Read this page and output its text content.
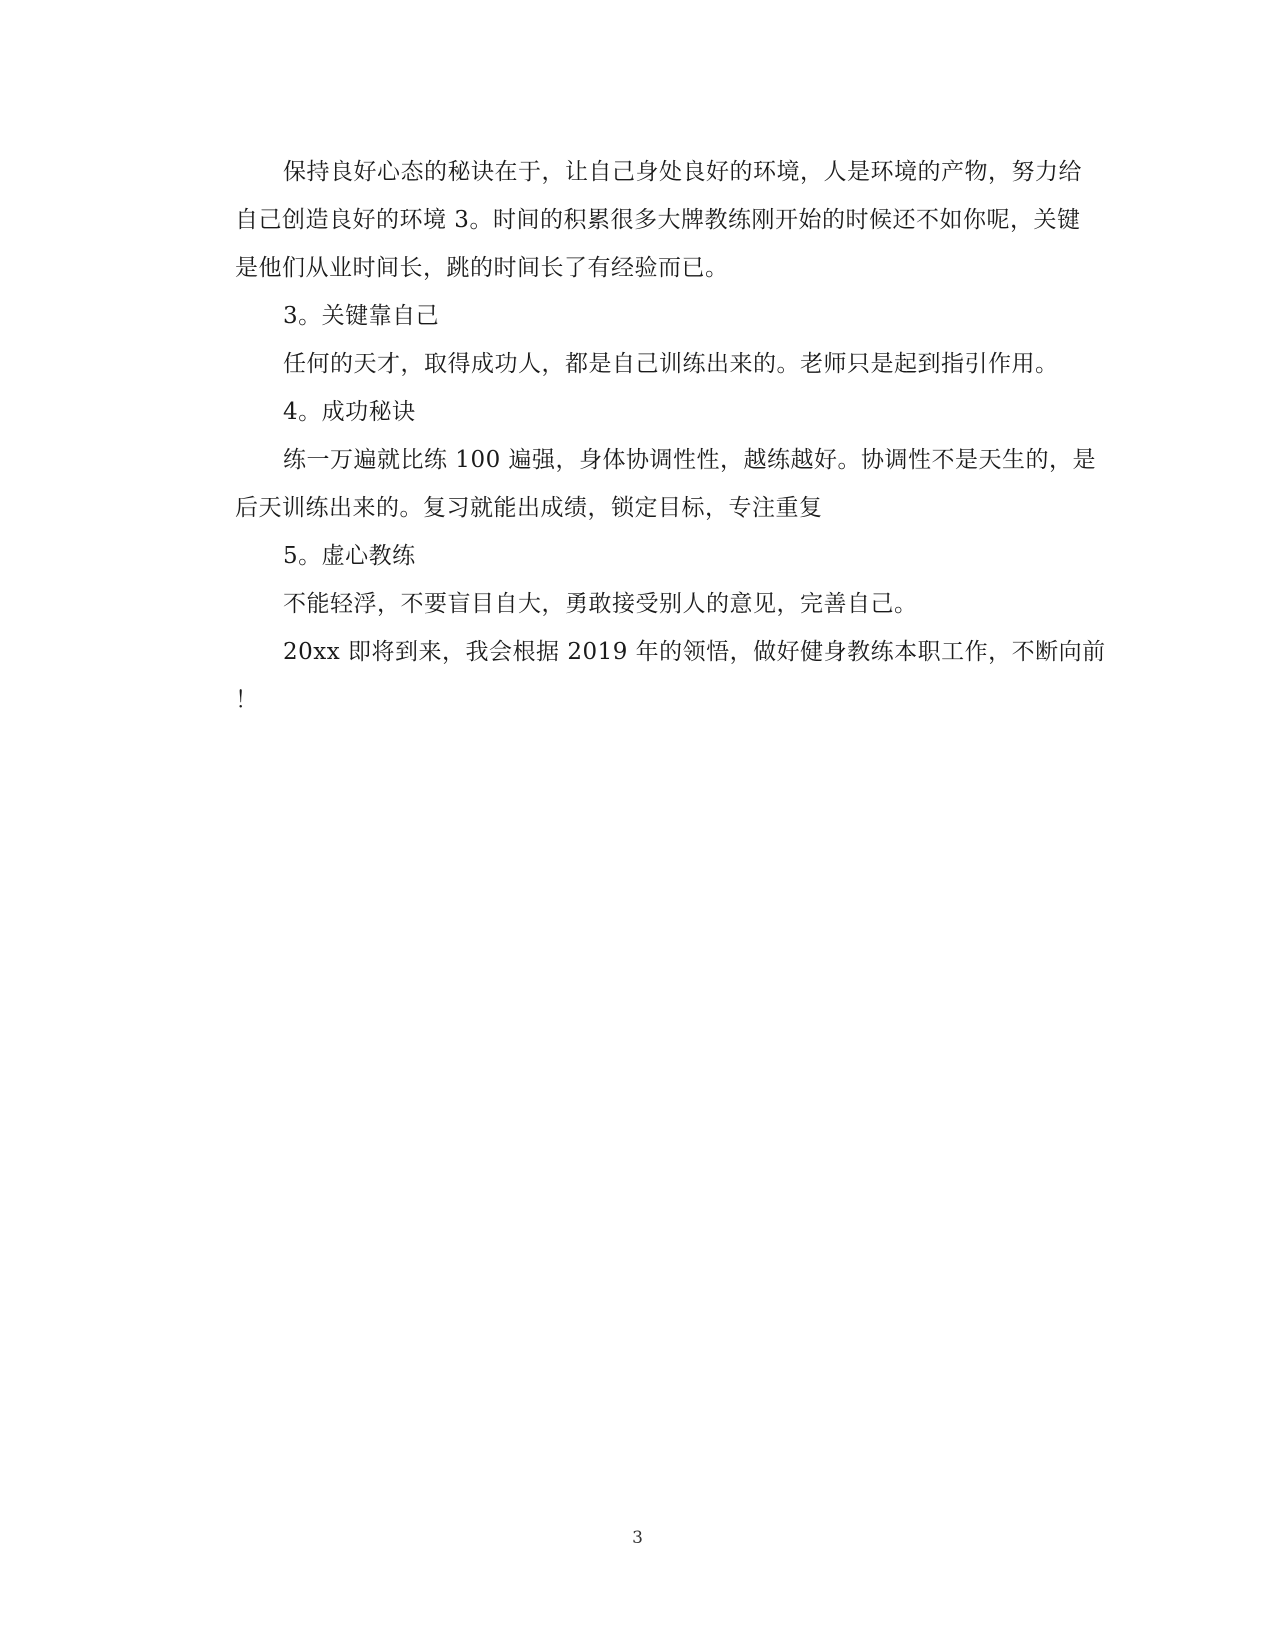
保持良好心态的秘诀在于，让自己身处良好的环境，人是环境的产物，努力给
自己创造良好的环境 3。时间的积累很多大牌教练刚开始的时候还不如你呢，关键
是他们从业时间长，跳的时间长了有经验而已。

3。关键靠自己

任何的天才，取得成功人，都是自己训练出来的。老师只是起到指引作用。

4。成功秘诀

练一万遍就比练 100 遍强，身体协调性性，越练越好。协调性不是天生的，是
后天训练出来的。复习就能出成绩，锁定目标，专注重复

5。虚心教练

不能轻浮，不要盲目自大，勇敢接受别人的意见，完善自己。

20xx 即将到来，我会根据 2019 年的领悟，做好健身教练本职工作，不断向前
！

3
